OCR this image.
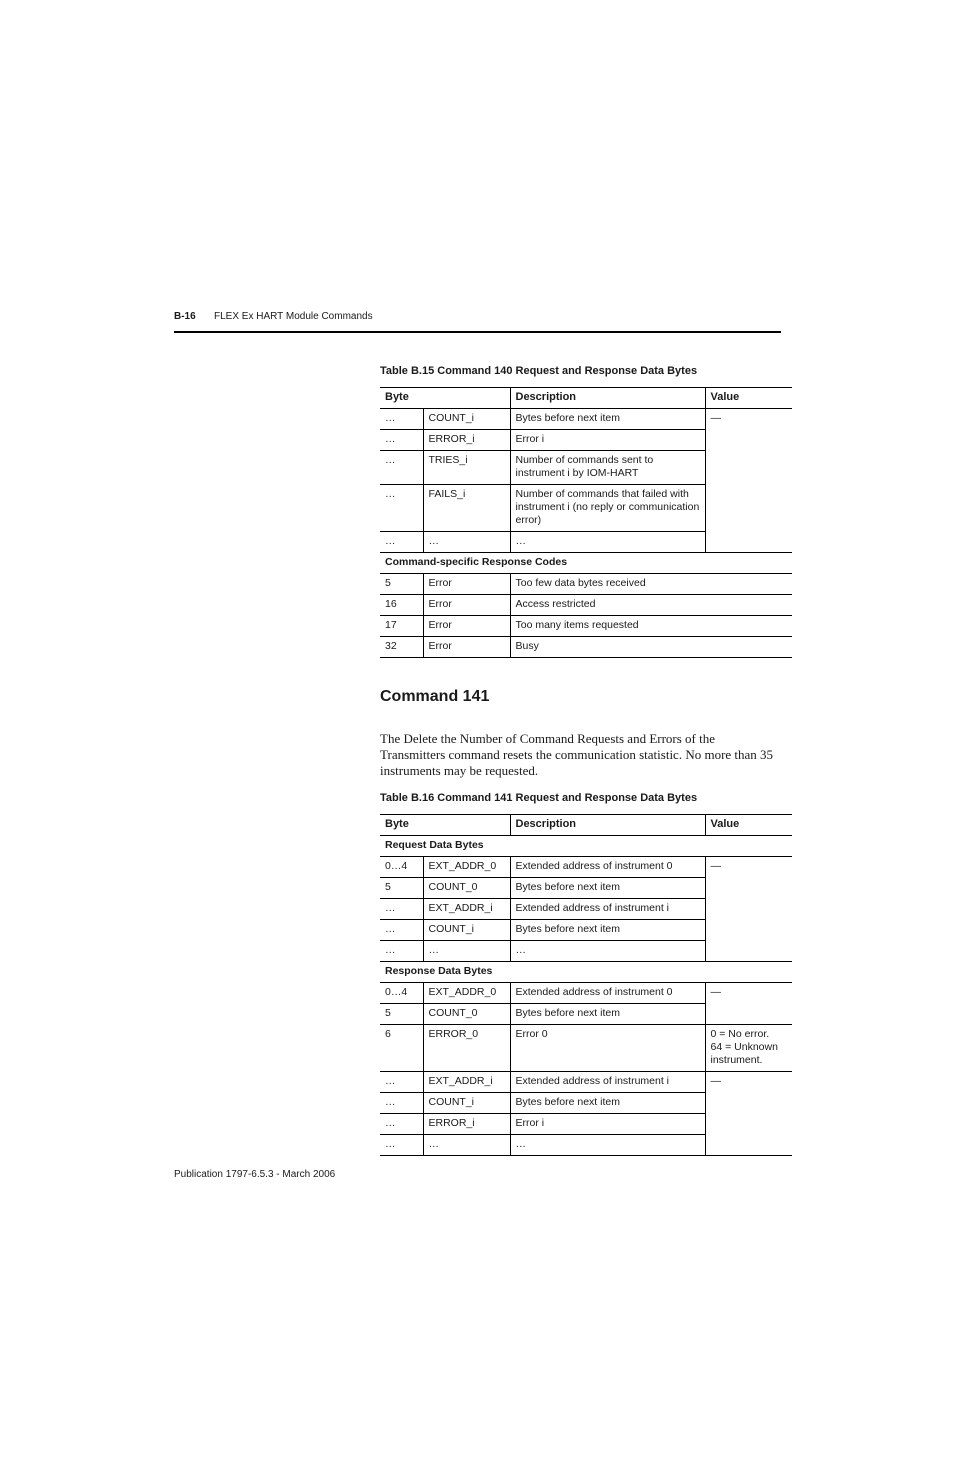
B-16 FLEX Ex HART Module Commands
Table B.15 Command 140 Request and Response Data Bytes
Byte		Description	Value
…	COUNT_i	Bytes before next item	—
…	ERROR_i	Error i	
…	TRIES_i	Number of commands sent to instrument i by IOM-HART	
…	FAILS_i	Number of commands that failed with instrument i (no reply or communication error)	
…	…	…	
Command-specific Response Codes			
5	Error	Too few data bytes received	
16	Error	Access restricted	
17	Error	Too many items requested	
32	Error	Busy	
Command 141
The Delete the Number of Command Requests and Errors of the Transmitters command resets the communication statistic. No more than 35 instruments may be requested.
Table B.16 Command 141 Request and Response Data Bytes
Byte		Description	Value
Request Data Bytes			
0…4	EXT_ADDR_0	Extended address of instrument 0	—
5	COUNT_0	Bytes before next item	
…	EXT_ADDR_i	Extended address of instrument i	
…	COUNT_i	Bytes before next item	
…	…	…	
Response Data Bytes			
0…4	EXT_ADDR_0	Extended address of instrument 0	—
5	COUNT_0	Bytes before next item	
6	ERROR_0	Error 0	0 = No error.
64 = Unknown instrument.
…	EXT_ADDR_i	Extended address of instrument i	—
…	COUNT_i	Bytes before next item	
…	ERROR_i	Error i	
…	…	…	
Publication 1797-6.5.3 - March 2006
